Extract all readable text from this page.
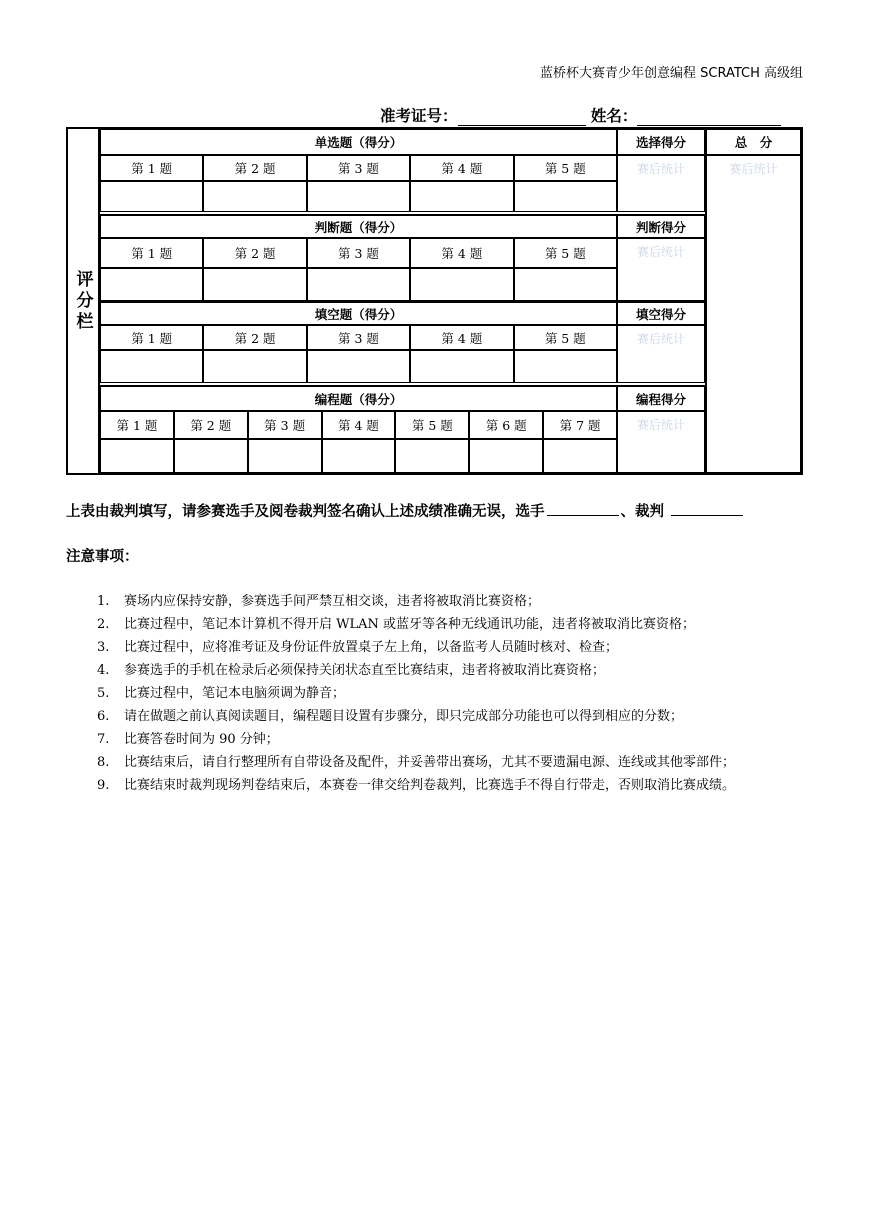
蓝桥杯大赛青少年创意编程 SCRATCH 高级组
准考证号：	姓名：
评分栏
单选题（得分）	选择得分
赛后统计
第 1 题	第 2 题	第 3 题	第 4 题	第 5 题
判断题（得分）	判断得分
赛后统计
第 1 题	第 2 题	第 3 题	第 4 题	第 5 题
填空题（得分）	填空得分
赛后统计
第 1 题	第 2 题	第 3 题	第 4 题	第 5 题
编程题（得分）	编程得分
赛后统计
第 1 题	第 2 题	第 3 题	第 4 题	第 5 题	第 6 题	第 7 题
总　分
赛后统计
上表由裁判填写，请参赛选手及阅卷裁判签名确认上述成绩准确无误，选手	、裁判
注意事项：
1. 赛场内应保持安静，参赛选手间严禁互相交谈，违者将被取消比赛资格；
2. 比赛过程中，笔记本计算机不得开启 WLAN 或蓝牙等各种无线通讯功能，违者将被取消比赛资格；
3. 比赛过程中，应将准考证及身份证件放置桌子左上角，以备监考人员随时核对、检查；
4. 参赛选手的手机在检录后必须保持关闭状态直至比赛结束，违者将被取消比赛资格；
5. 比赛过程中，笔记本电脑须调为静音；
6. 请在做题之前认真阅读题目，编程题目设置有步骤分，即只完成部分功能也可以得到相应的分数；
7. 比赛答卷时间为 90 分钟；
8. 比赛结束后，请自行整理所有自带设备及配件，并妥善带出赛场，尤其不要遗漏电源、连线或其他零部件；
9. 比赛结束时裁判现场判卷结束后，本赛卷一律交给判卷裁判，比赛选手不得自行带走，否则取消比赛成绩。
